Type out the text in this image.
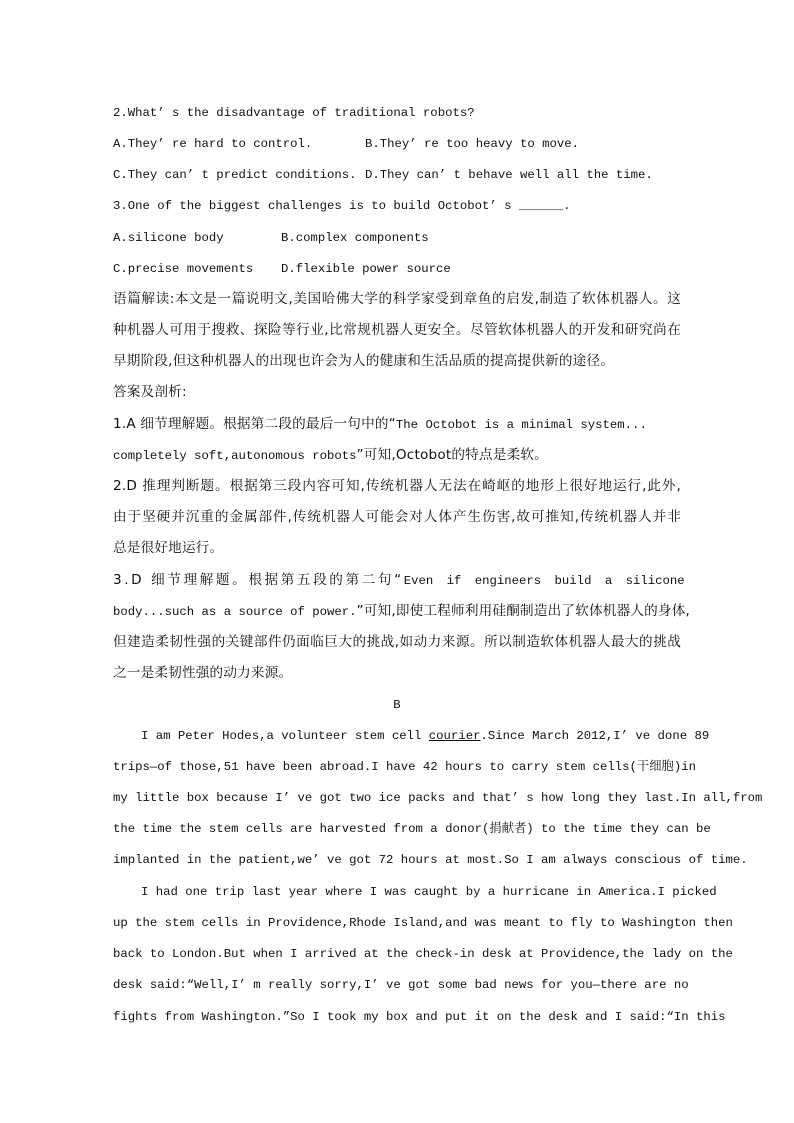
2.What’ s the disadvantage of traditional robots?
A.They’ re hard to control.	B.They’ re too heavy to move.
C.They can’ t predict conditions. D.They can’ t behave well all the time.
3.One of the biggest challenges is to build Octobot’ s ______.
A.silicone body	B.complex components
C.precise movements D.flexible power source
语篇解读:本文是一篇说明文,美国哈佛大学的科学家受到章鱼的启发,制造了软体机器人。这
种机器人可用于搜救、探险等行业,比常规机器人更安全。尽管软体机器人的开发和研究尚在
早期阶段,但这种机器人的出现也许会为人的健康和生活品质的提高提供新的途径。
答案及剖析:
1.A 细节理解题。根据第二段的最后一句中的“The Octobot is a minimal system...
completely soft,autonomous robots”可知,Octobot的特点是柔软。
2.D 推理判断题。根据第三段内容可知,传统机器人无法在崎岖的地形上很好地运行,此外,
由于坚硬并沉重的金属部件,传统机器人可能会对人体产生伤害,故可推知,传统机器人并非
总是很好地运行。
3.D 细节理解题。根据第五段的第二句“Even if engineers build a silicone
body...such as a source of power.”可知,即使工程师利用硅酮制造出了软体机器人的身体,
但建造柔韧性强的关键部件仍面临巨大的挑战,如动力来源。所以制造软体机器人最大的挑战
之一是柔韧性强的动力来源。
B
I am Peter Hodes,a volunteer stem cell courier.Since March 2012,I’ ve done 89
trips—of those,51 have been abroad.I have 42 hours to carry stem cells(干细胞)in
my little box because I’ ve got two ice packs and that’ s how long they last.In all,from
the time the stem cells are harvested from a donor(捐献者) to the time they can be
implanted in the patient,we’ ve got 72 hours at most.So I am always conscious of time.
I had one trip last year where I was caught by a hurricane in America.I picked
up the stem cells in Providence,Rhode Island,and was meant to fly to Washington then
back to London.But when I arrived at the check-in desk at Providence,the lady on the
desk said:“Well,I’ m really sorry,I’ ve got some bad news for you—there are no
fights from Washington.”So I took my box and put it on the desk and I said:“In this
